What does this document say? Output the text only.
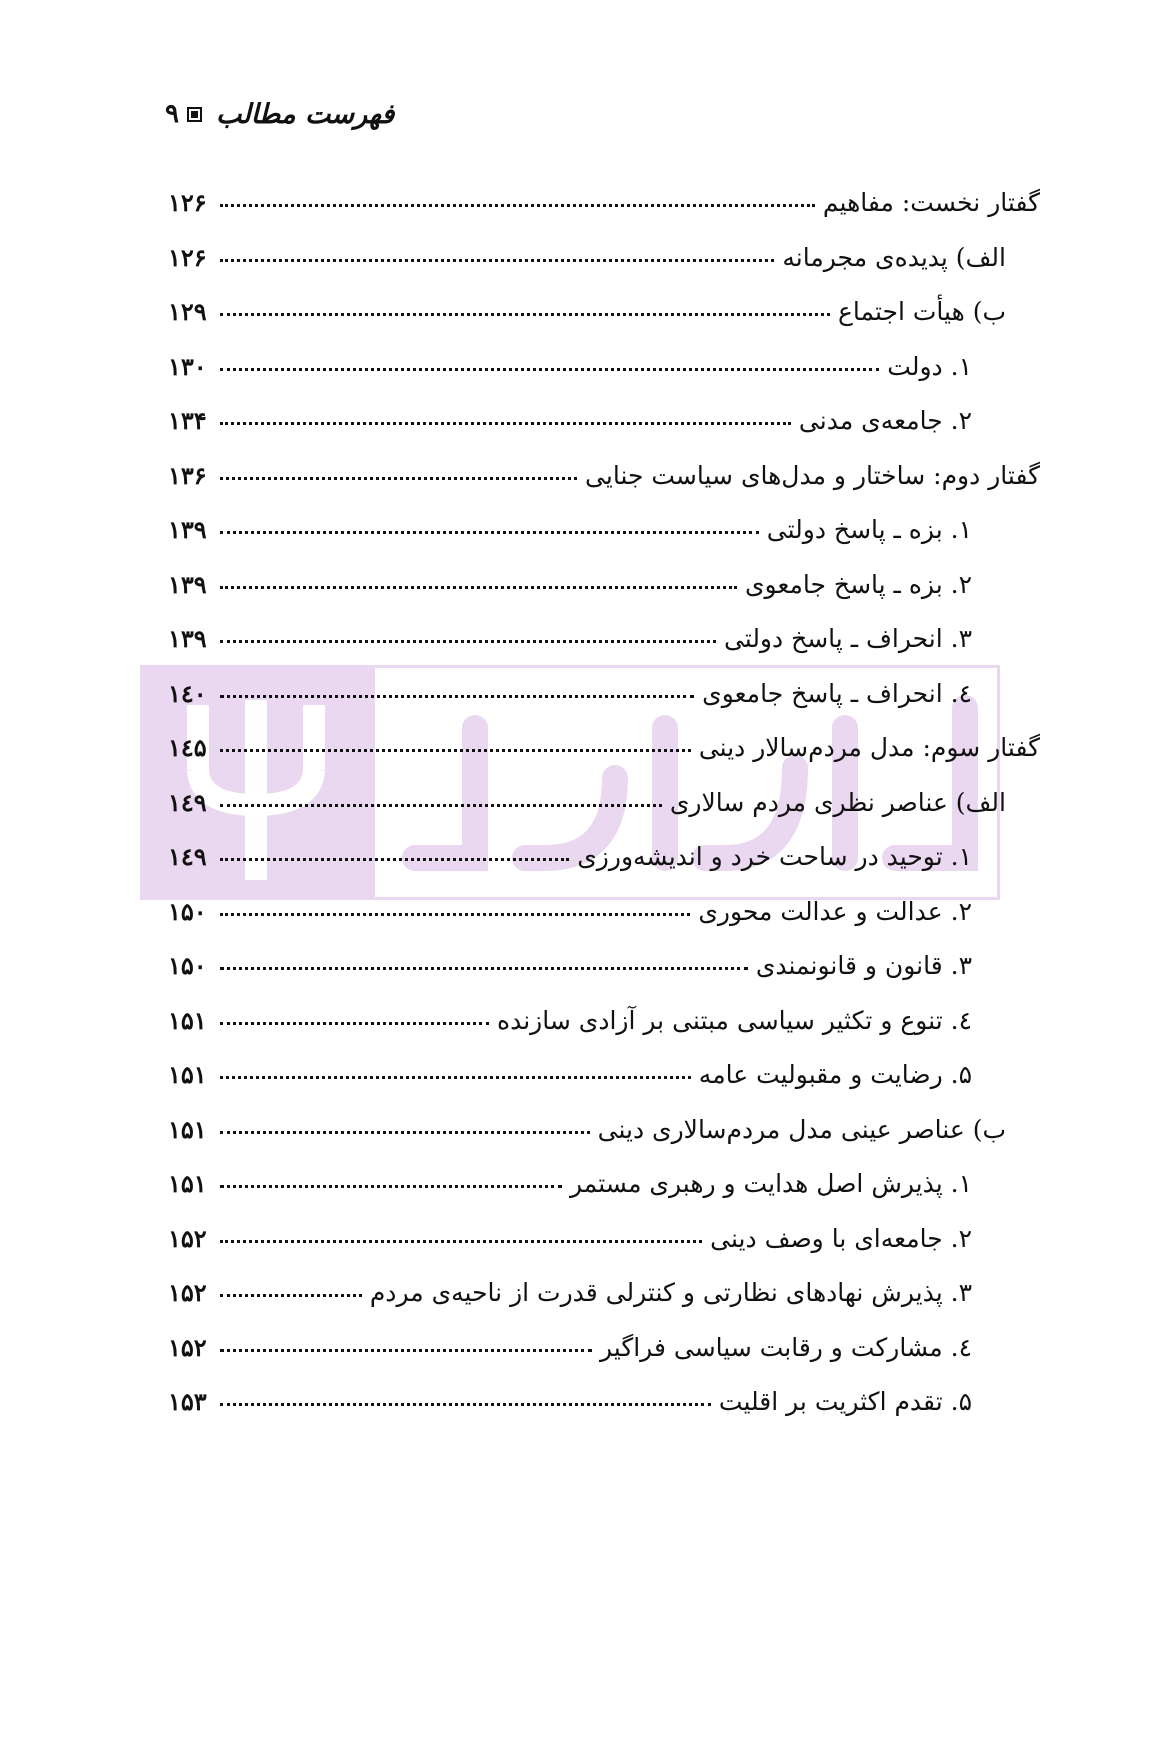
۹ فهرست مطالب
گفتار نخست: مفاهیم
۱۲۶
الف) پدیده‌ی مجرمانه
۱۲۶
ب) هیأت اجتماع
۱۲۹
۱. دولت
۱۳۰
۲. جامعه‌ی مدنی
۱۳۴
گفتار دوم: ساختار و مدل‌های سیاست جنایی
۱۳۶
۱. بزه ـ پاسخ دولتی
۱۳۹
۲. بزه ـ پاسخ جامعوی
۱۳۹
۳. انحراف ـ پاسخ دولتی
۱۳۹
٤. انحراف ـ پاسخ جامعوی
۱٤۰
گفتار سوم: مدل مردم‌سالار دینی
۱٤۵
الف) عناصر نظری مردم سالاری
۱٤۹
۱. توحید در ساحت خرد و اندیشه‌ورزی
۱٤۹
۲. عدالت و عدالت محوری
۱۵۰
۳. قانون و قانونمندی
۱۵۰
٤. تنوع و تکثیر سیاسی مبتنی بر آزادی سازنده
۱۵۱
۵. رضایت و مقبولیت عامه
۱۵۱
ب) عناصر عینی مدل مردم‌سالاری دینی
۱۵۱
۱. پذیرش اصل هدایت و رهبری مستمر
۱۵۱
۲. جامعه‌ای با وصف دینی
۱۵۲
۳. پذیرش نهادهای نظارتی و کنترلی قدرت از ناحیه‌ی مردم
۱۵۲
٤. مشارکت و رقابت سیاسی فراگیر
۱۵۲
۵. تقدم اکثریت بر اقلیت
۱۵۳
